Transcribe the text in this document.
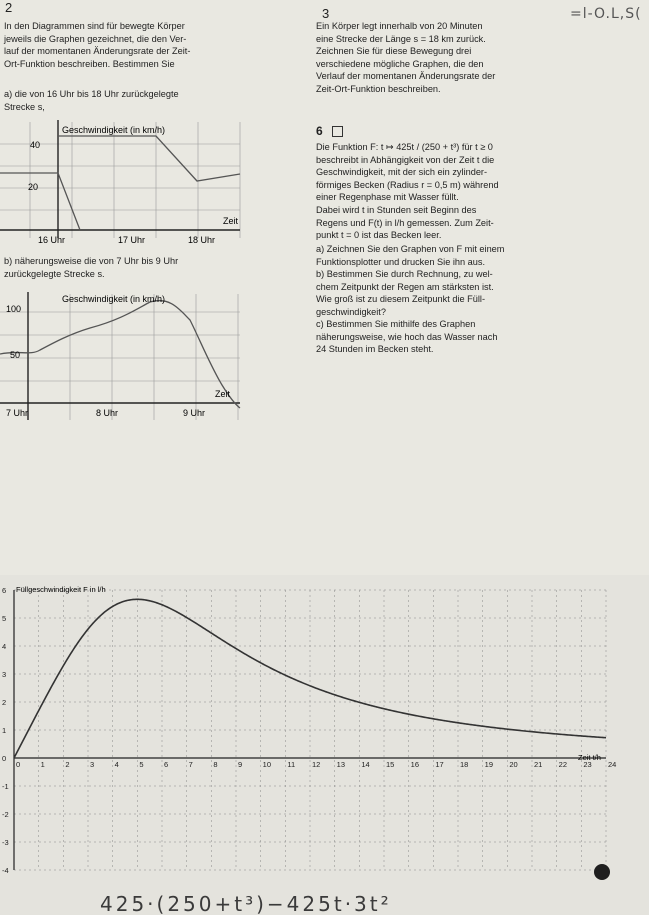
2	3	=l-O.L,S(
In den Diagrammen sind für bewegte Körper
jeweils die Graphen gezeichnet, die den Ver-
lauf der momentanen Änderungsrate der Zeit-
Ort-Funktion beschreiben. Bestimmen Sie
a) die von 16 Uhr bis 18 Uhr zurückgelegte
Strecke s,
Geschwindigkeit (in km/h)
40
20
Zeit
16 Uhr	17 Uhr	18 Uhr
b) näherungsweise die von 7 Uhr bis 9 Uhr
zurückgelegte Strecke s.
Geschwindigkeit (in km/h)
100
50
Zeit
7 Uhr	8 Uhr	9 Uhr
Ein Körper legt innerhalb von 20 Minuten
eine Strecke der Länge s = 18 km zurück.
Zeichnen Sie für diese Bewegung drei
verschiedene mögliche Graphen, die den
Verlauf der momentanen Änderungsrate der
Zeit-Ort-Funktion beschreiben.
6
Die Funktion F: t ↦ 425t / (250 + t³) für t ≥ 0
beschreibt in Abhängigkeit von der Zeit t die
Geschwindigkeit, mit der sich ein zylinder-
förmiges Becken (Radius r = 0,5 m) während
einer Regenphase mit Wasser füllt.
Dabei wird t in Stunden seit Beginn des
Regens und F(t) in l/h gemessen. Zum Zeit-
punkt t = 0 ist das Becken leer.
a) Zeichnen Sie den Graphen von F mit einem
Funktionsplotter und drucken Sie ihn aus.
b) Bestimmen Sie durch Rechnung, zu wel-
chem Zeitpunkt der Regen am stärksten ist.
Wie groß ist zu diesem Zeitpunkt die Füll-
geschwindigkeit?
c) Bestimmen Sie mithilfe des Graphen
näherungsweise, wie hoch das Wasser nach
24 Stunden im Becken steht.
0	1	2	3	4	5	6	7	8	9	10 11 12 13 14 15 16 17 18 19 20 21 22 23 24
6
5
4
3
2
1
0
-1
-2
-3
-4
Füllgeschwindigkeit F in l/h
Zeit t/h
425·(250+t³)−425t·3t²
